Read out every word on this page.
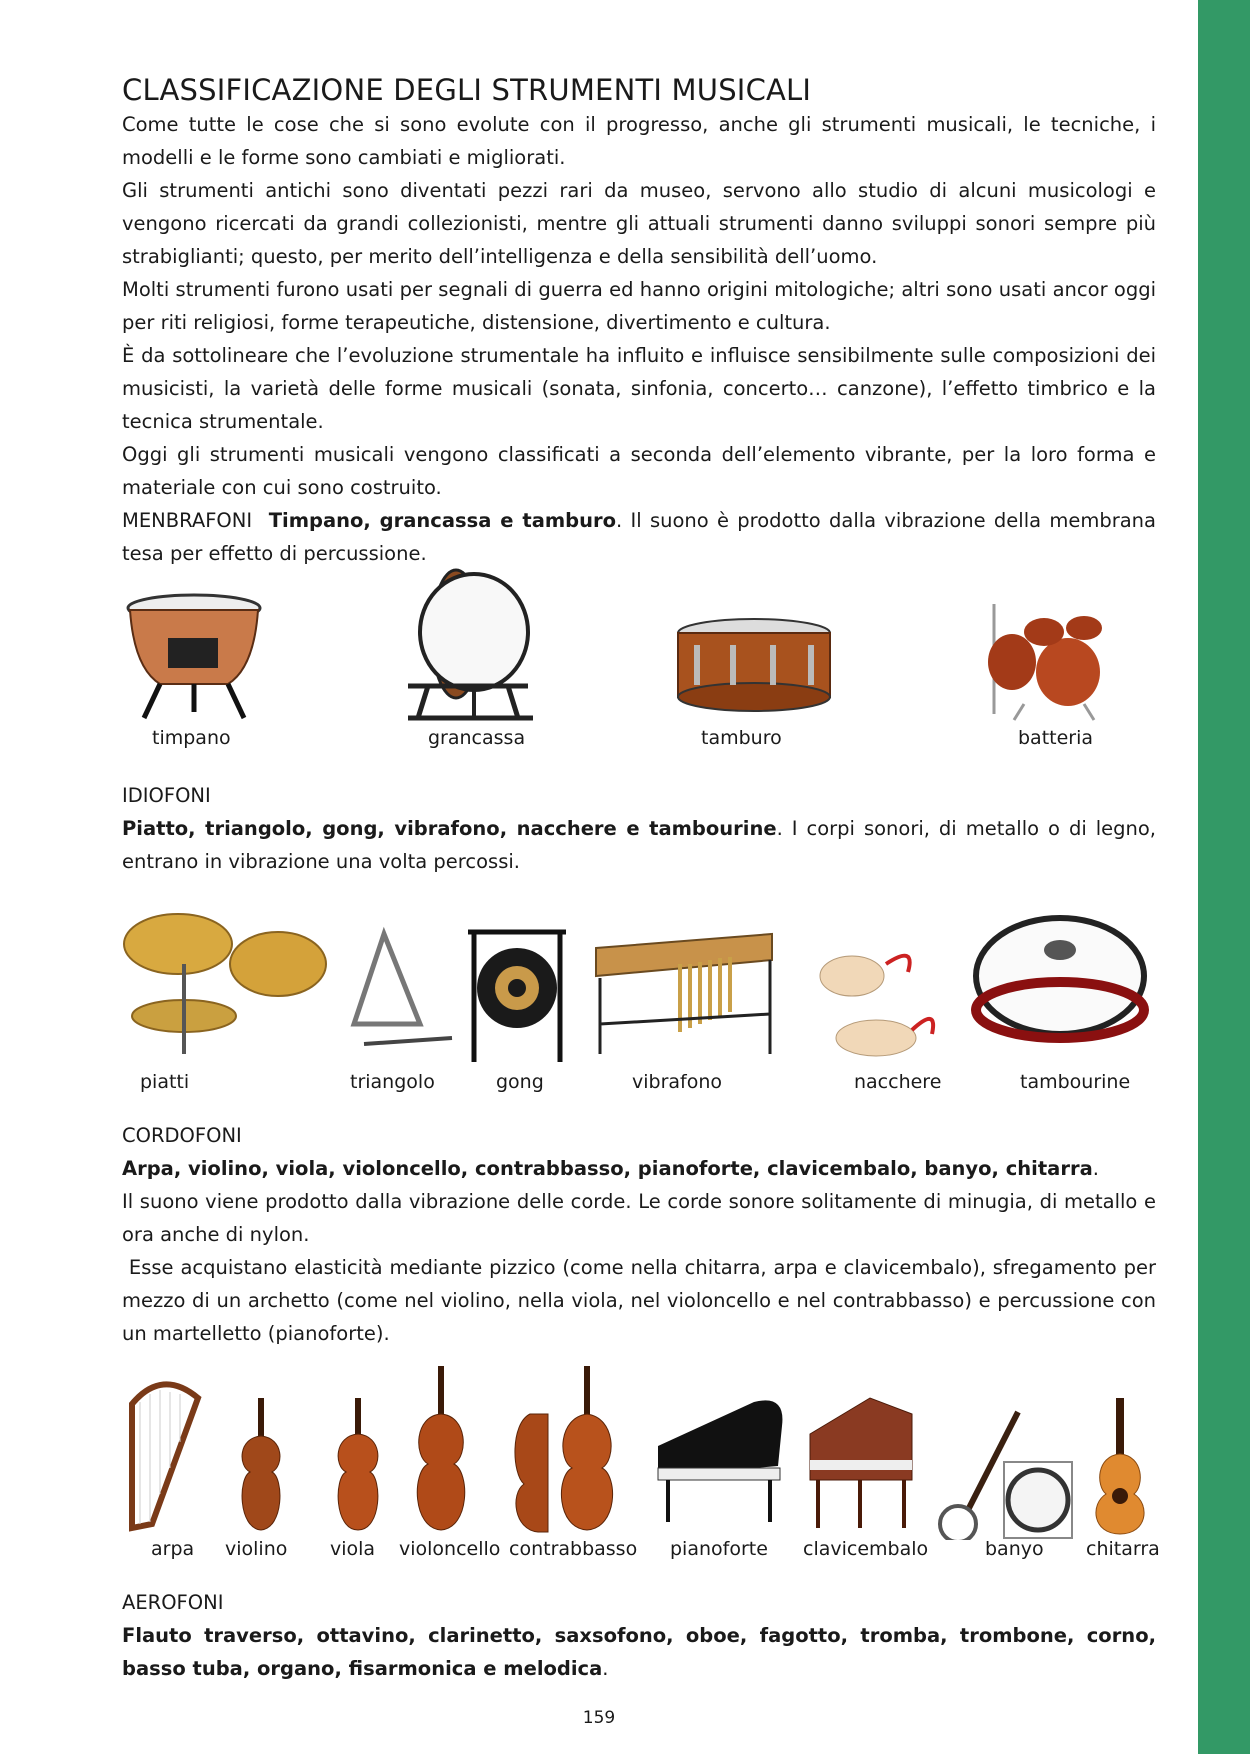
CLASSIFICAZIONE DEGLI STRUMENTI MUSICALI

Come tutte le cose che si sono evolute con il progresso, anche gli strumenti musicali, le tecniche, i modelli e le forme sono cambiati e migliorati.

Gli strumenti antichi sono diventati pezzi rari da museo, servono allo studio di alcuni musicologi e vengono ricercati da grandi collezionisti, mentre gli attuali strumenti danno sviluppi sonori sempre più strabiglianti; questo, per merito dell’intelligenza e della sensibilità dell’uomo.

Molti strumenti furono usati per segnali di guerra ed hanno origini mitologiche; altri sono usati ancor oggi per riti religiosi, forme terapeutiche, distensione, divertimento e cultura.

È da sottolineare che l’evoluzione strumentale ha influito e influisce sensibilmente sulle composizioni dei musicisti, la varietà delle forme musicali (sonata, sinfonia, concerto… canzone), l’effetto timbrico e la tecnica strumentale.

Oggi gli strumenti musicali vengono classificati a seconda dell’elemento vibrante, per la loro forma e materiale con cui sono costruito.

MENBRAFONI Timpano, grancassa e tamburo. Il suono è prodotto dalla vibrazione della membrana tesa per effetto di percussione.

timpano	grancassa	tamburo	batteria

IDIOFONI

Piatto, triangolo, gong, vibrafono, nacchere e tambourine. I corpi sonori, di metallo o di legno, entrano in vibrazione una volta percossi.

piatti	triangolo	gong	vibrafono	nacchere	tambourine

CORDOFONI

Arpa, violino, viola, violoncello, contrabbasso, pianoforte, clavicembalo, banyo, chitarra.

Il suono viene prodotto dalla vibrazione delle corde. Le corde sonore solitamente di minugia, di metallo e ora anche di nylon.

Esse acquistano elasticità mediante pizzico (come nella chitarra, arpa e clavicembalo), sfregamento per mezzo di un archetto (come nel violino, nella viola, nel violoncello e nel contrabbasso) e percussione con un martelletto (pianoforte).

arpa violino viola violoncello contrabbasso pianoforte clavicembalo	banyo chitarra

AEROFONI

Flauto traverso, ottavino, clarinetto, saxsofono, oboe, fagotto, tromba, trombone, corno, basso tuba, organo, fisarmonica e melodica.

159
